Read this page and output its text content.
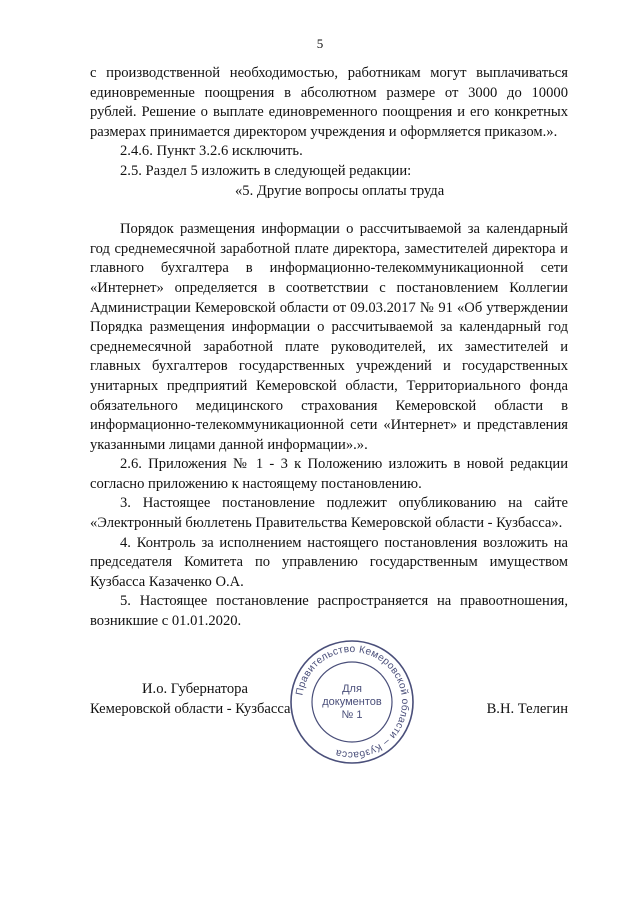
5

с производственной необходимостью, работникам могут выплачиваться единовременные поощрения в абсолютном размере от 3000 до 10000 рублей. Решение о выплате единовременного поощрения и его конкретных размерах принимается директором учреждения и оформляется приказом.».

2.4.6. Пункт 3.2.6 исключить.

2.5. Раздел 5 изложить в следующей редакции:

«5. Другие вопросы оплаты труда

Порядок размещения информации о рассчитываемой за календарный год среднемесячной заработной плате директора, заместителей директора и главного бухгалтера в информационно-телекоммуникационной сети «Интернет» определяется в соответствии с постановлением Коллегии Администрации Кемеровской области от 09.03.2017 № 91 «Об утверждении Порядка размещения информации о рассчитываемой за календарный год среднемесячной заработной плате руководителей, их заместителей и главных бухгалтеров государственных учреждений и государственных унитарных предприятий Кемеровской области, Территориального фонда обязательного медицинского страхования Кемеровской области в информационно-телекоммуникационной сети «Интернет» и представления указанными лицами данной информации».».

2.6. Приложения № 1 - 3 к Положению изложить в новой редакции согласно приложению к настоящему постановлению.

3. Настоящее постановление подлежит опубликованию на сайте «Электронный бюллетень Правительства Кемеровской области - Кузбасса».

4. Контроль за исполнением настоящего постановления возложить на председателя Комитета по управлению государственным имуществом Кузбасса Казаченко О.А.

5. Настоящее постановление распространяется на правоотношения, возникшие с 01.01.2020.

И.о. Губернатора
Кемеровской области - Кузбасса	В.Н. Телегин
Правительство Кемеровской области – Кузбасса
Для
документов
№ 1
